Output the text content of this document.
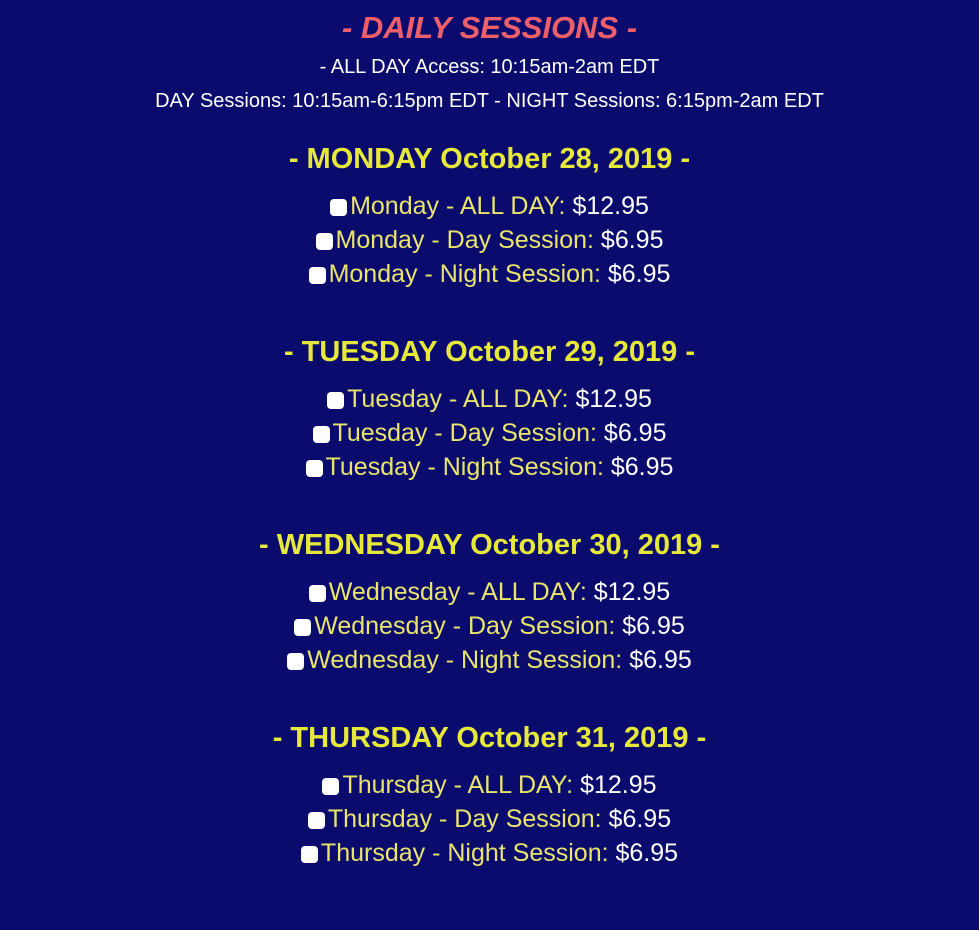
- DAILY SESSIONS -
- ALL DAY Access: 10:15am-2am EDT
DAY Sessions: 10:15am-6:15pm EDT - NIGHT Sessions: 6:15pm-2am EDT
- MONDAY October 28, 2019 -
Monday - ALL DAY: $12.95
Monday - Day Session: $6.95
Monday - Night Session: $6.95
- TUESDAY October 29, 2019 -
Tuesday - ALL DAY: $12.95
Tuesday - Day Session: $6.95
Tuesday - Night Session: $6.95
- WEDNESDAY October 30, 2019 -
Wednesday - ALL DAY: $12.95
Wednesday - Day Session: $6.95
Wednesday - Night Session: $6.95
- THURSDAY October 31, 2019 -
Thursday - ALL DAY: $12.95
Thursday - Day Session: $6.95
Thursday - Night Session: $6.95
